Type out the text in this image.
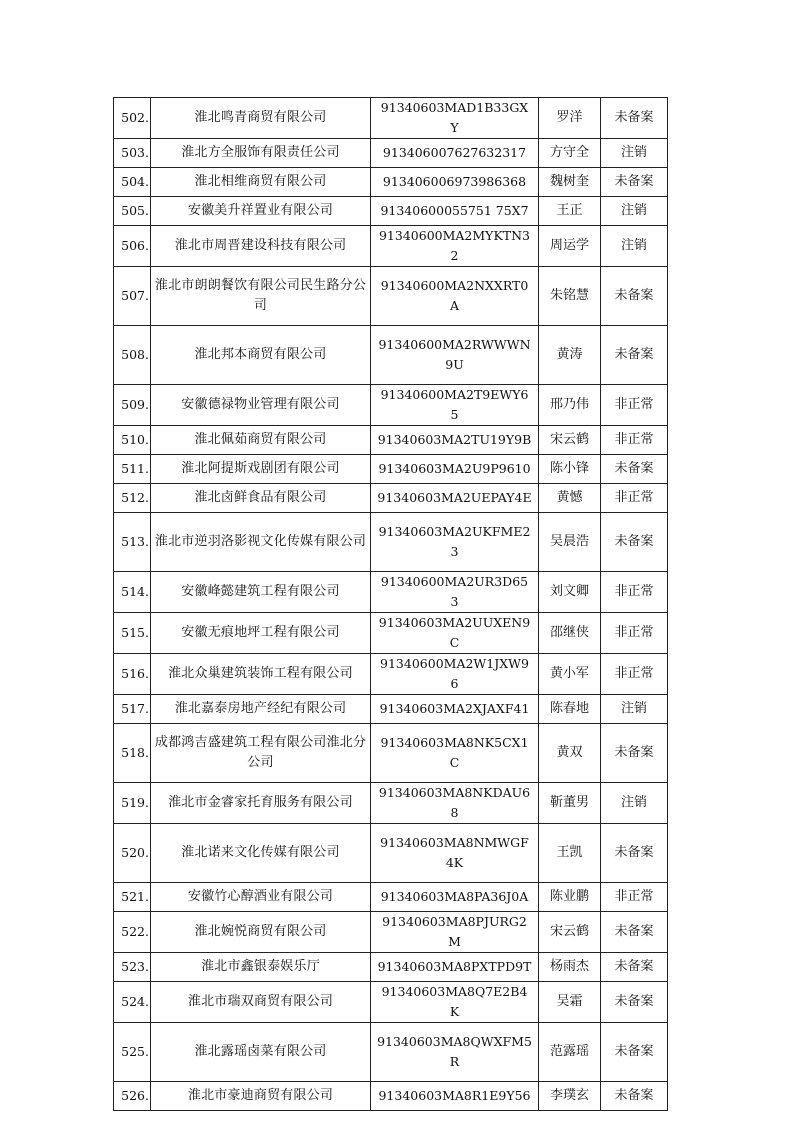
502.	淮北鸣青商贸有限公司	91340603MAD1B33GXY	罗洋	未备案
503.	淮北方全服饰有限责任公司	913406007627632317	方守全	注销
504.	淮北相维商贸有限公司	913406006973986368	魏树奎	未备案
505.	安徽美升祥置业有限公司	91340600055751 75X7	王正	注销
506.	淮北市周晋建设科技有限公司	91340600MA2MYKTN32	周运学	注销
507.	淮北市朗朗餐饮有限公司民生路分公司	91340600MA2NXXRT0A	朱铭慧	未备案
508.	淮北邦本商贸有限公司	91340600MA2RWWWN9U	黄涛	未备案
509.	安徽德禄物业管理有限公司	91340600MA2T9EWY65	邢乃伟	非正常
510.	淮北佩茹商贸有限公司	91340603MA2TU19Y9B	宋云鹤	非正常
511.	淮北阿提斯戏剧团有限公司	91340603MA2U9P9610	陈小锋	未备案
512.	淮北卤鲜食品有限公司	91340603MA2UEPAY4E	黄憾	非正常
513.	淮北市逆羽洛影视文化传媒有限公司	91340603MA2UKFME23	吴晨浩	未备案
514.	安徽峰懿建筑工程有限公司	91340600MA2UR3D653	刘文卿	非正常
515.	安徽无痕地坪工程有限公司	91340603MA2UUXEN9C	邵继侠	非正常
516.	淮北众巢建筑装饰工程有限公司	91340600MA2W1JXW96	黄小军	非正常
517.	淮北嘉泰房地产经纪有限公司	91340603MA2XJAXF41	陈春地	注销
518.	成都鸿吉盛建筑工程有限公司淮北分公司	91340603MA8NK5CX1C	黄双	未备案
519.	淮北市金睿家托育服务有限公司	91340603MA8NKDAU68	靳董男	注销
520.	淮北诺来文化传媒有限公司	91340603MA8NMWGF4K	王凯	未备案
521.	安徽竹心醇酒业有限公司	91340603MA8PA36J0A	陈业鹏	非正常
522.	淮北婉悦商贸有限公司	91340603MA8PJURG2M	宋云鹤	未备案
523.	淮北市鑫银泰娱乐厅	91340603MA8PXTPD9T	杨雨杰	未备案
524.	淮北市瑞双商贸有限公司	91340603MA8Q7E2B4K	吴霜	未备案
525.	淮北露瑶卤菜有限公司	91340603MA8QWXFM5R	范露瑶	未备案
526.	淮北市豪迪商贸有限公司	91340603MA8R1E9Y56	李璞玄	未备案
